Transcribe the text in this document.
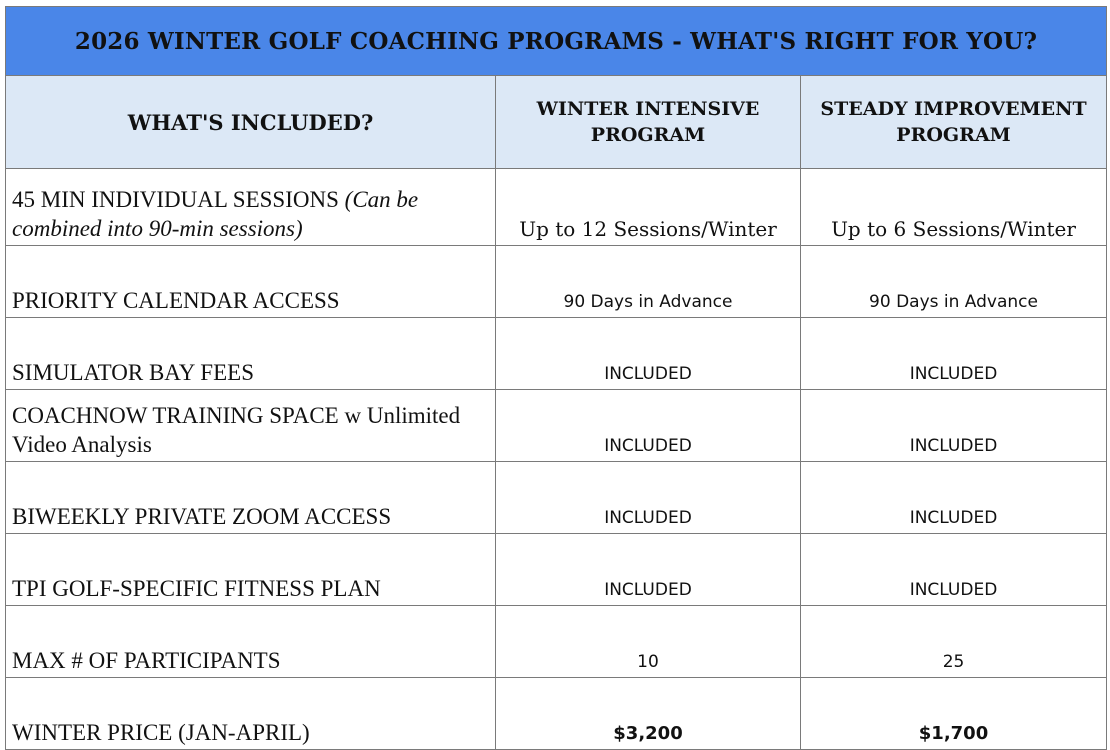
2026 WINTER GOLF COACHING PROGRAMS - WHAT'S RIGHT FOR YOU?		
WHAT'S INCLUDED?	WINTER INTENSIVE PROGRAM	STEADY IMPROVEMENT PROGRAM
45 MIN INDIVIDUAL SESSIONS (Can be combined into 90-min sessions)	Up to 12 Sessions/Winter	Up to 6 Sessions/Winter
PRIORITY CALENDAR ACCESS	90 Days in Advance	90 Days in Advance
SIMULATOR BAY FEES	INCLUDED	INCLUDED
COACHNOW TRAINING SPACE w Unlimited Video Analysis	INCLUDED	INCLUDED
BIWEEKLY PRIVATE ZOOM ACCESS	INCLUDED	INCLUDED
TPI GOLF-SPECIFIC FITNESS PLAN	INCLUDED	INCLUDED
MAX # OF PARTICIPANTS	10	25
WINTER PRICE (JAN-APRIL)	$3,200	$1,700
